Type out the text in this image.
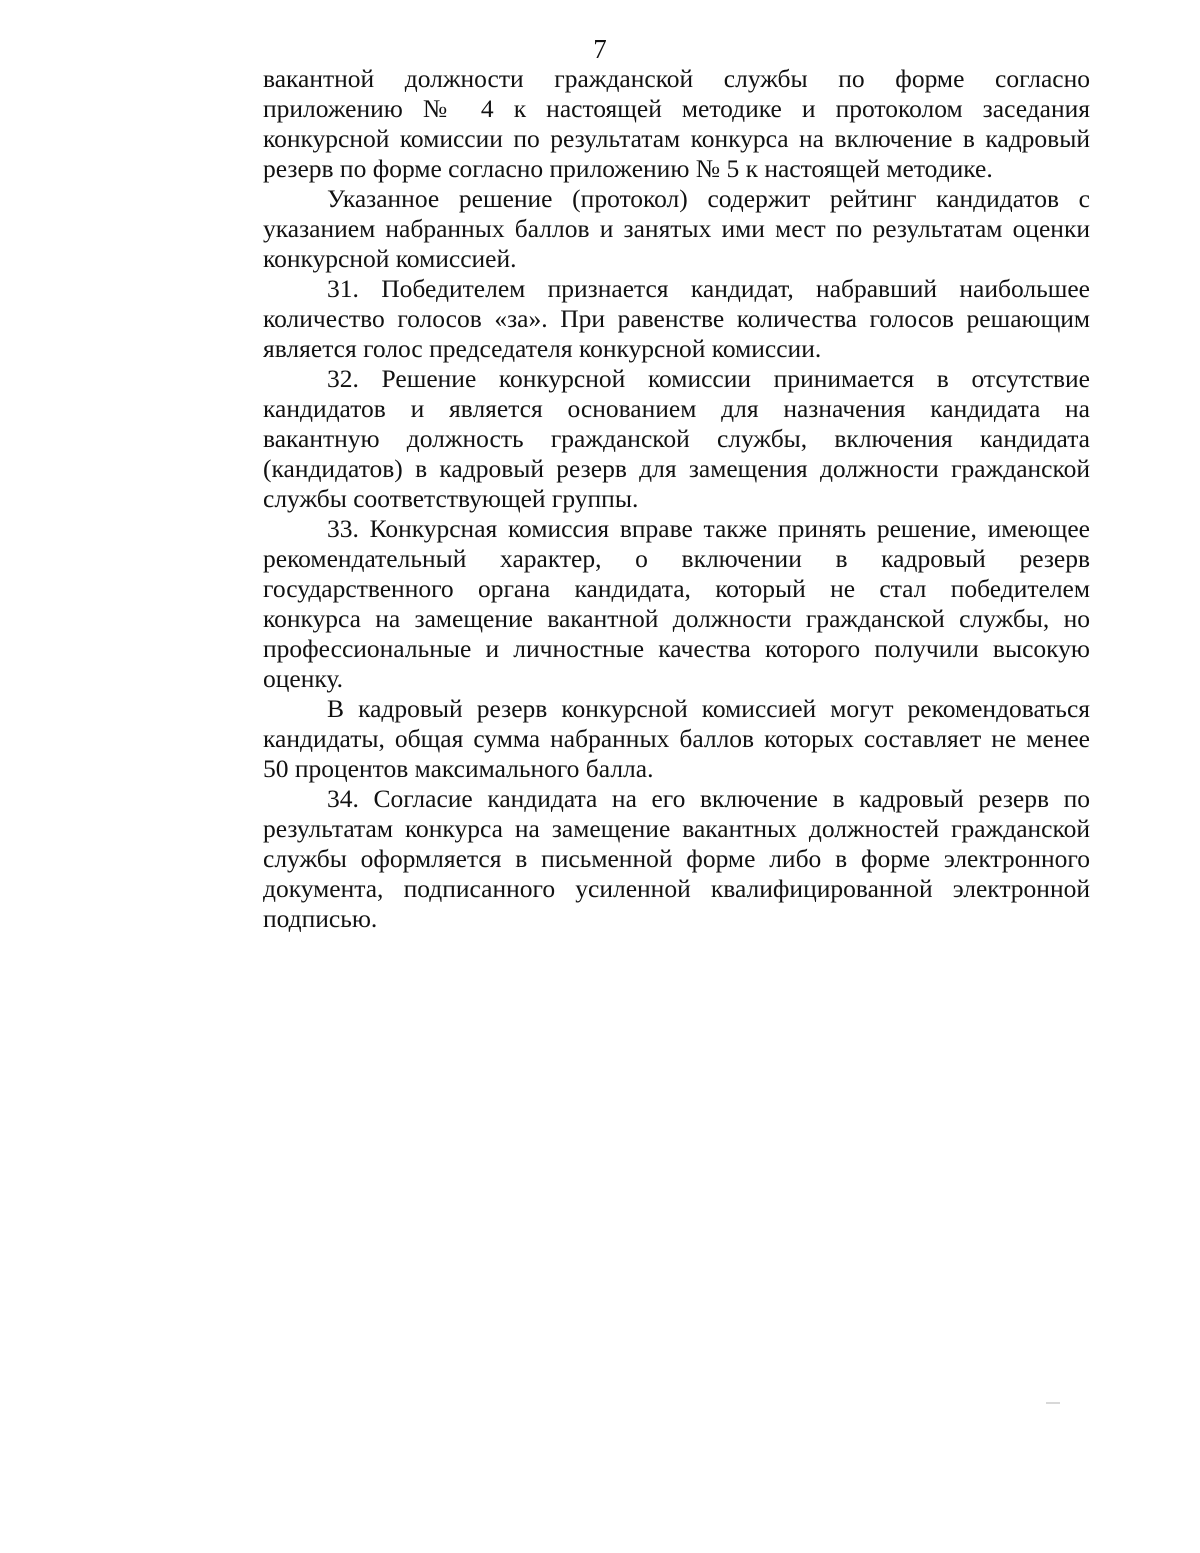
7

вакантной должности гражданской службы по форме согласно
приложению № 4 к настоящей методике и протоколом заседания
конкурсной комиссии по результатам конкурса на включение в кадровый
резерв по форме согласно приложению № 5 к настоящей методике.

Указанное решение (протокол) содержит рейтинг кандидатов с
указанием набранных баллов и занятых ими мест по результатам оценки
конкурсной комиссией.

31. Победителем признается кандидат, набравший наибольшее
количество голосов «за». При равенстве количества голосов решающим
является голос председателя конкурсной комиссии.

32. Решение конкурсной комиссии принимается в отсутствие
кандидатов и является основанием для назначения кандидата на
вакантную должность гражданской службы, включения кандидата
(кандидатов) в кадровый резерв для замещения должности гражданской
службы соответствующей группы.

33. Конкурсная комиссия вправе также принять решение, имеющее
рекомендательный характер, о включении в кадровый резерв
государственного органа кандидата, который не стал победителем
конкурса на замещение вакантной должности гражданской службы, но
профессиональные и личностные качества которого получили высокую
оценку.

В кадровый резерв конкурсной комиссией могут рекомендоваться
кандидаты, общая сумма набранных баллов которых составляет не менее
50 процентов максимального балла.

34. Согласие кандидата на его включение в кадровый резерв по
результатам конкурса на замещение вакантных должностей гражданской
службы оформляется в письменной форме либо в форме электронного
документа, подписанного усиленной квалифицированной электронной
подписью.
